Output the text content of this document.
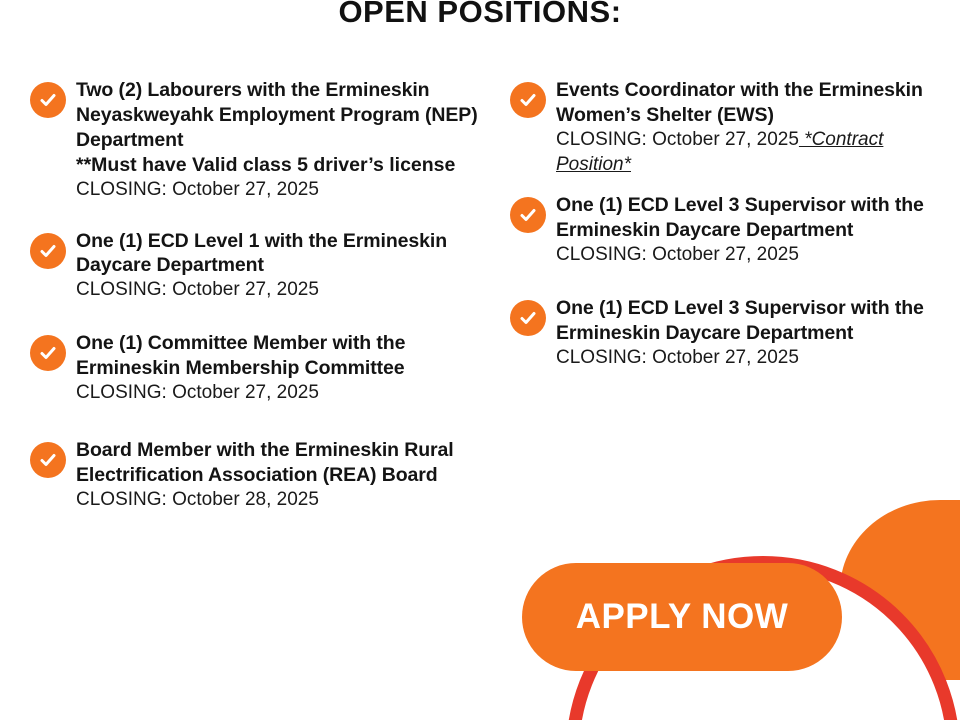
OPEN POSITIONS:

Two (2) Labourers with the Ermineskin Neyaskweyahk Employment Program (NEP) Department

**Must have Valid class 5 driver’s license

CLOSING: October 27, 2025

One (1) ECD Level 1 with the Ermineskin Daycare Department

CLOSING: October 27, 2025

One (1) Committee Member with the Ermineskin Membership Committee

CLOSING: October 27, 2025

Board Member with the Ermineskin Rural Electrification Association (REA) Board

CLOSING: October 28, 2025

Events Coordinator with the Ermineskin Women’s Shelter (EWS)

CLOSING: October 27, 2025 *Contract Position*

One (1) ECD Level 3 Supervisor with the Ermineskin Daycare Department

CLOSING: October 27, 2025

One (1) ECD Level 3 Supervisor with the Ermineskin Daycare Department

CLOSING: October 27, 2025

APPLY NOW
